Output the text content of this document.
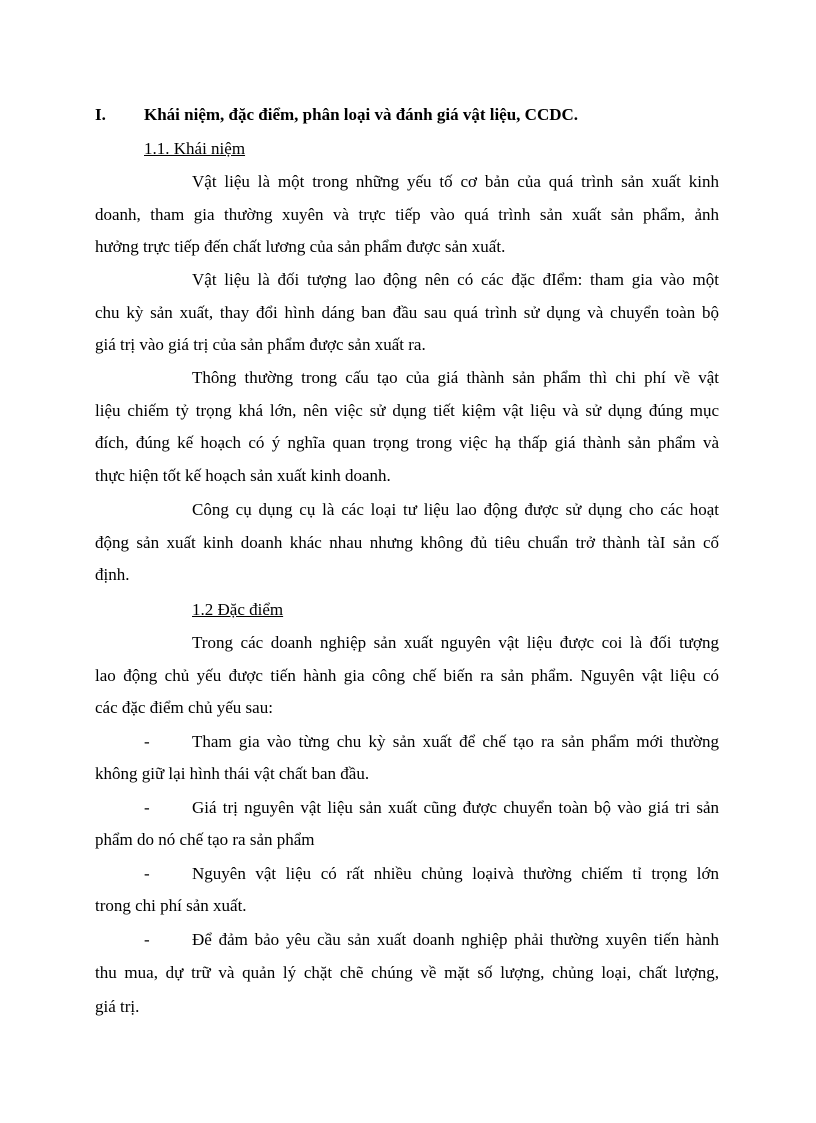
I. Khái niệm, đặc điểm, phân loại và đánh giá vật liệu, CCDC.
1.1. Khái niệm
Vật liệu là một trong những yếu tố cơ bản của quá trình sản xuất kinh
doanh, tham gia thường xuyên và trực tiếp vào quá trình sản xuất sản phẩm, ảnh
hưởng trực tiếp đến chất lương của sản phẩm được sản xuất.
Vật liệu là đối tượng lao động nên có các đặc đIểm: tham gia vào một
chu kỳ sản xuất, thay đổi hình dáng ban đầu sau quá trình sử dụng và chuyển toàn bộ
giá trị vào giá trị của sản phẩm được sản xuất ra.
Thông thường trong cấu tạo của giá thành sản phẩm thì chi phí về vật
liệu chiếm tỷ trọng khá lớn, nên việc sử dụng tiết kiệm vật liệu và sử dụng đúng mục
đích, đúng kế hoạch có ý nghĩa quan trọng trong việc hạ thấp giá thành sản phẩm và
thực hiện tốt kế hoạch sản xuất kinh doanh.
Công cụ dụng cụ là các loại tư liệu lao động được sử dụng cho các hoạt
động sản xuất kinh doanh khác nhau nhưng không đủ tiêu chuẩn trở thành tàI sản cố
định.
1.2 Đặc điểm
Trong các doanh nghiệp sản xuất nguyên vật liệu được coi là đối tượng
lao động chủ yếu được tiến hành gia công chế biến ra sản phẩm. Nguyên vật liệu có
các đặc điểm chủ yếu sau:
- Tham gia vào từng chu kỳ sản xuất để chế tạo ra sản phẩm mới thường
không giữ lại hình thái vật chất ban đầu.
- Giá trị nguyên vật liệu sản xuất cũng được chuyển toàn bộ vào giá tri sản
phẩm do nó chế tạo ra sản phẩm
- Nguyên vật liệu có rất nhiều chủng loạivà thường chiếm tỉ trọng lớn
trong chi phí sản xuất.
- Để đảm bảo yêu cầu sản xuất doanh nghiệp phải thường xuyên tiến hành
thu mua, dự trữ và quản lý chặt chẽ chúng về mặt số lượng, chủng loại, chất lượng,
giá trị.
